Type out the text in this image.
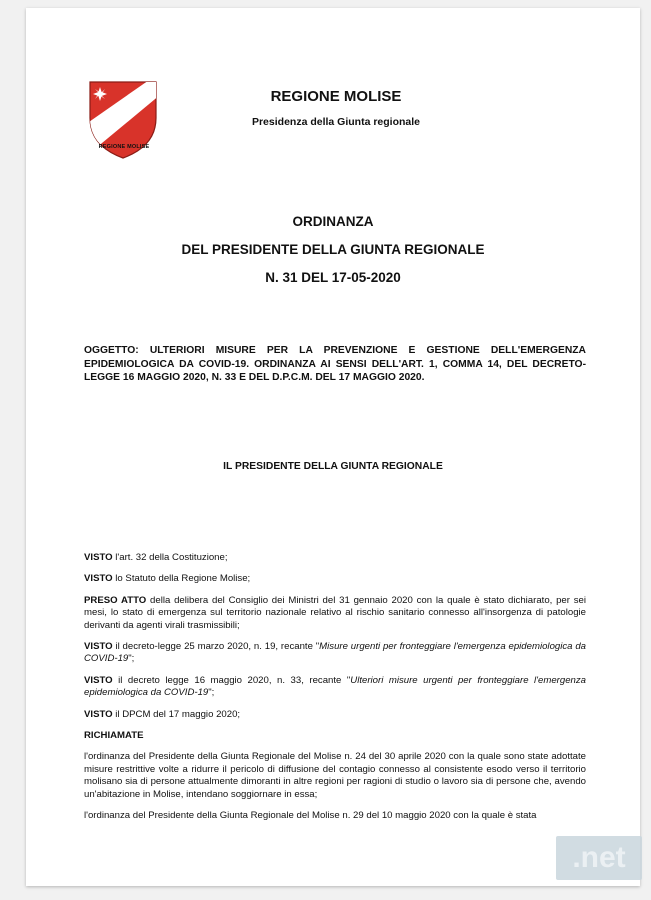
REGIONE MOLISE
REGIONE MOLISE
Presidenza della Giunta regionale
ORDINANZA
DEL PRESIDENTE DELLA GIUNTA REGIONALE
N. 31 DEL 17-05-2020
OGGETTO: ULTERIORI MISURE PER LA PREVENZIONE E GESTIONE DELL'EMERGENZA EPIDEMIOLOGICA DA COVID-19. ORDINANZA AI SENSI DELL'ART. 1, COMMA 14, DEL DECRETO-LEGGE 16 MAGGIO 2020, N. 33 E DEL D.P.C.M. DEL 17 MAGGIO 2020.
IL PRESIDENTE DELLA GIUNTA REGIONALE

VISTO l'art. 32 della Costituzione;

VISTO lo Statuto della Regione Molise;

PRESO ATTO della delibera del Consiglio dei Ministri del 31 gennaio 2020 con la quale è stato dichiarato, per sei mesi, lo stato di emergenza sul territorio nazionale relativo al rischio sanitario connesso all'insorgenza di patologie derivanti da agenti virali trasmissibili;

VISTO il decreto-legge 25 marzo 2020, n. 19, recante "Misure urgenti per fronteggiare l'emergenza epidemiologica da COVID-19";

VISTO il decreto legge 16 maggio 2020, n. 33, recante "Ulteriori misure urgenti per fronteggiare l'emergenza epidemiologica da COVID-19";

VISTO il DPCM del 17 maggio 2020;

RICHIAMATE

l'ordinanza del Presidente della Giunta Regionale del Molise n. 24 del 30 aprile 2020 con la quale sono state adottate misure restrittive volte a ridurre il pericolo di diffusione del contagio connesso al consistente esodo verso il territorio molisano sia di persone attualmente dimoranti in altre regioni per ragioni di studio o lavoro sia di persone che, avendo un'abitazione in Molise, intendano soggiornare in essa;

l'ordinanza del Presidente della Giunta Regionale del Molise n. 29 del 10 maggio 2020 con la quale è stata

.net
